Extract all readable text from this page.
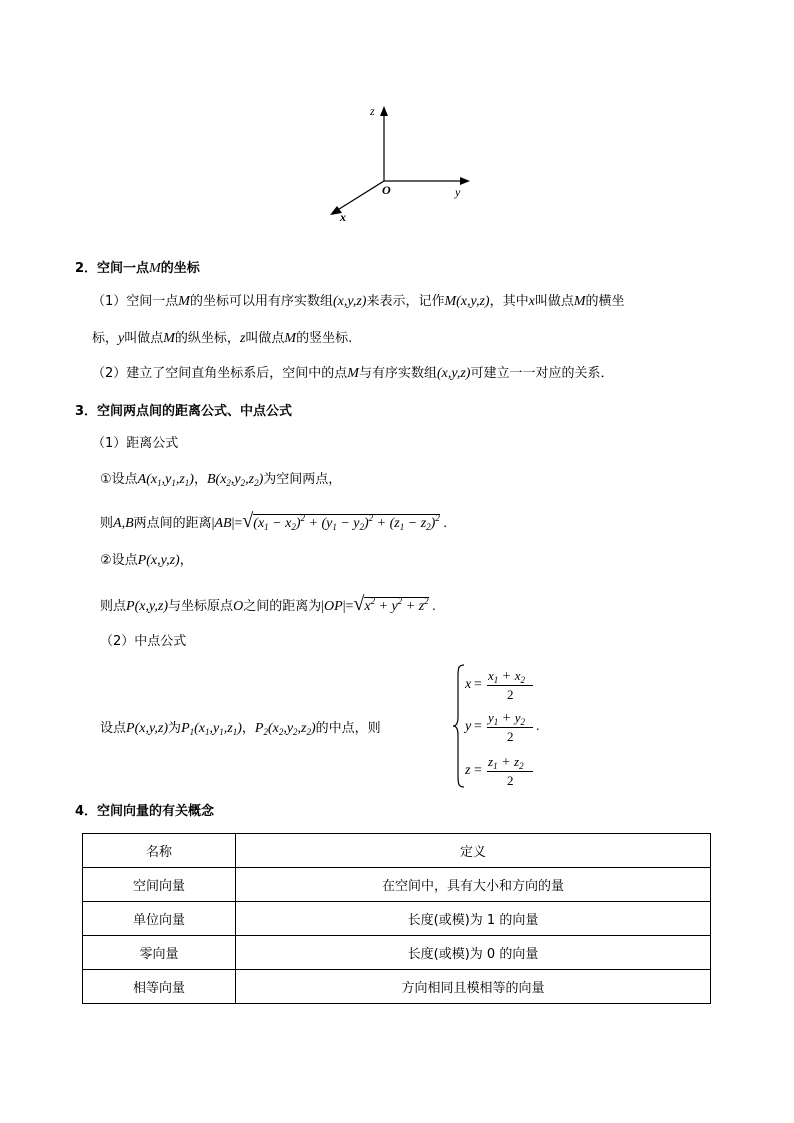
z
y
x
O
2．空间一点M的坐标
（1）空间一点M的坐标可以用有序实数组(x,y,z)来表示，记作M(x,y,z)，其中x叫做点M的横坐
标，y叫做点M的纵坐标，z叫做点M的竖坐标.
（2）建立了空间直角坐标系后，空间中的点M与有序实数组(x,y,z)可建立一一对应的关系．
3．空间两点间的距离公式、中点公式
（1）距离公式
①设点$A(x_1,y_1,z_1)$，$B(x_2,y_2,z_2)$为空间两点，
则A,B两点间的距离$|AB|=√(x_1 - x_2)^2 + (y_1 - y_2)^2 + (z_1 - z_2)^2$ .
②设点P(x,y,z)，
则点P(x,y,z)与坐标原点O之间的距离为$|OP|=√x^2 + y^2 + z^2$ .
（2）中点公式
设点P(x,y,z)为$P_1(x_1,y_1,z_1)$，$P_2(x_2,y_2,z_2)$的中点，则
x =
$x_1 + x_2$
2
y =
$y_1 + y_2$
2
.
z =
$z_1 + z_2$
2
4．空间向量的有关概念
名称	定义
空间向量	在空间中，具有大小和方向的量
单位向量	长度(或模)为 1 的向量
零向量	长度(或模)为 0 的向量
相等向量	方向相同且模相等的向量
